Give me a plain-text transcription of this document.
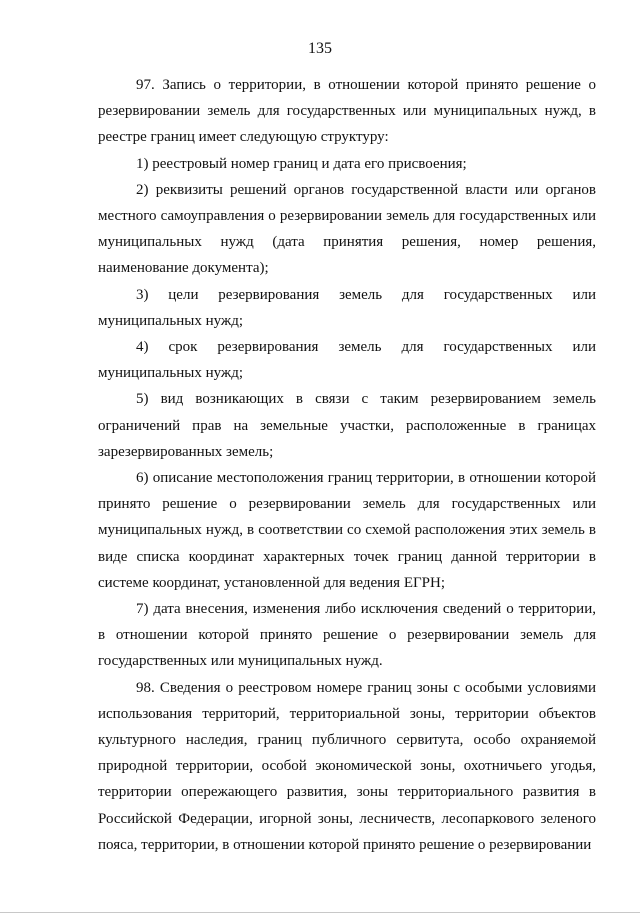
135

97. Запись о территории, в отношении которой принято решение о резервировании земель для государственных или муниципальных нужд, в реестре границ имеет следующую структуру:

1) реестровый номер границ и дата его присвоения;

2) реквизиты решений органов государственной власти или органов местного самоуправления о резервировании земель для государственных или муниципальных нужд (дата принятия решения, номер решения, наименование документа);

3) цели резервирования земель для государственных или муниципальных нужд;

4) срок резервирования земель для государственных или муниципальных нужд;

5) вид возникающих в связи с таким резервированием земель ограничений прав на земельные участки, расположенные в границах зарезервированных земель;

6) описание местоположения границ территории, в отношении которой принято решение о резервировании земель для государственных или муниципальных нужд, в соответствии со схемой расположения этих земель в виде списка координат характерных точек границ данной территории в системе координат, установленной для ведения ЕГРН;

7) дата внесения, изменения либо исключения сведений о территории, в отношении которой принято решение о резервировании земель для государственных или муниципальных нужд.

98. Сведения о реестровом номере границ зоны с особыми условиями использования территорий, территориальной зоны, территории объектов культурного наследия, границ публичного сервитута, особо охраняемой природной территории, особой экономической зоны, охотничьего угодья, территории опережающего развития, зоны территориального развития в Российской Федерации, игорной зоны, лесничеств, лесопаркового зеленого пояса, территории, в отношении которой принято решение о резервировании
